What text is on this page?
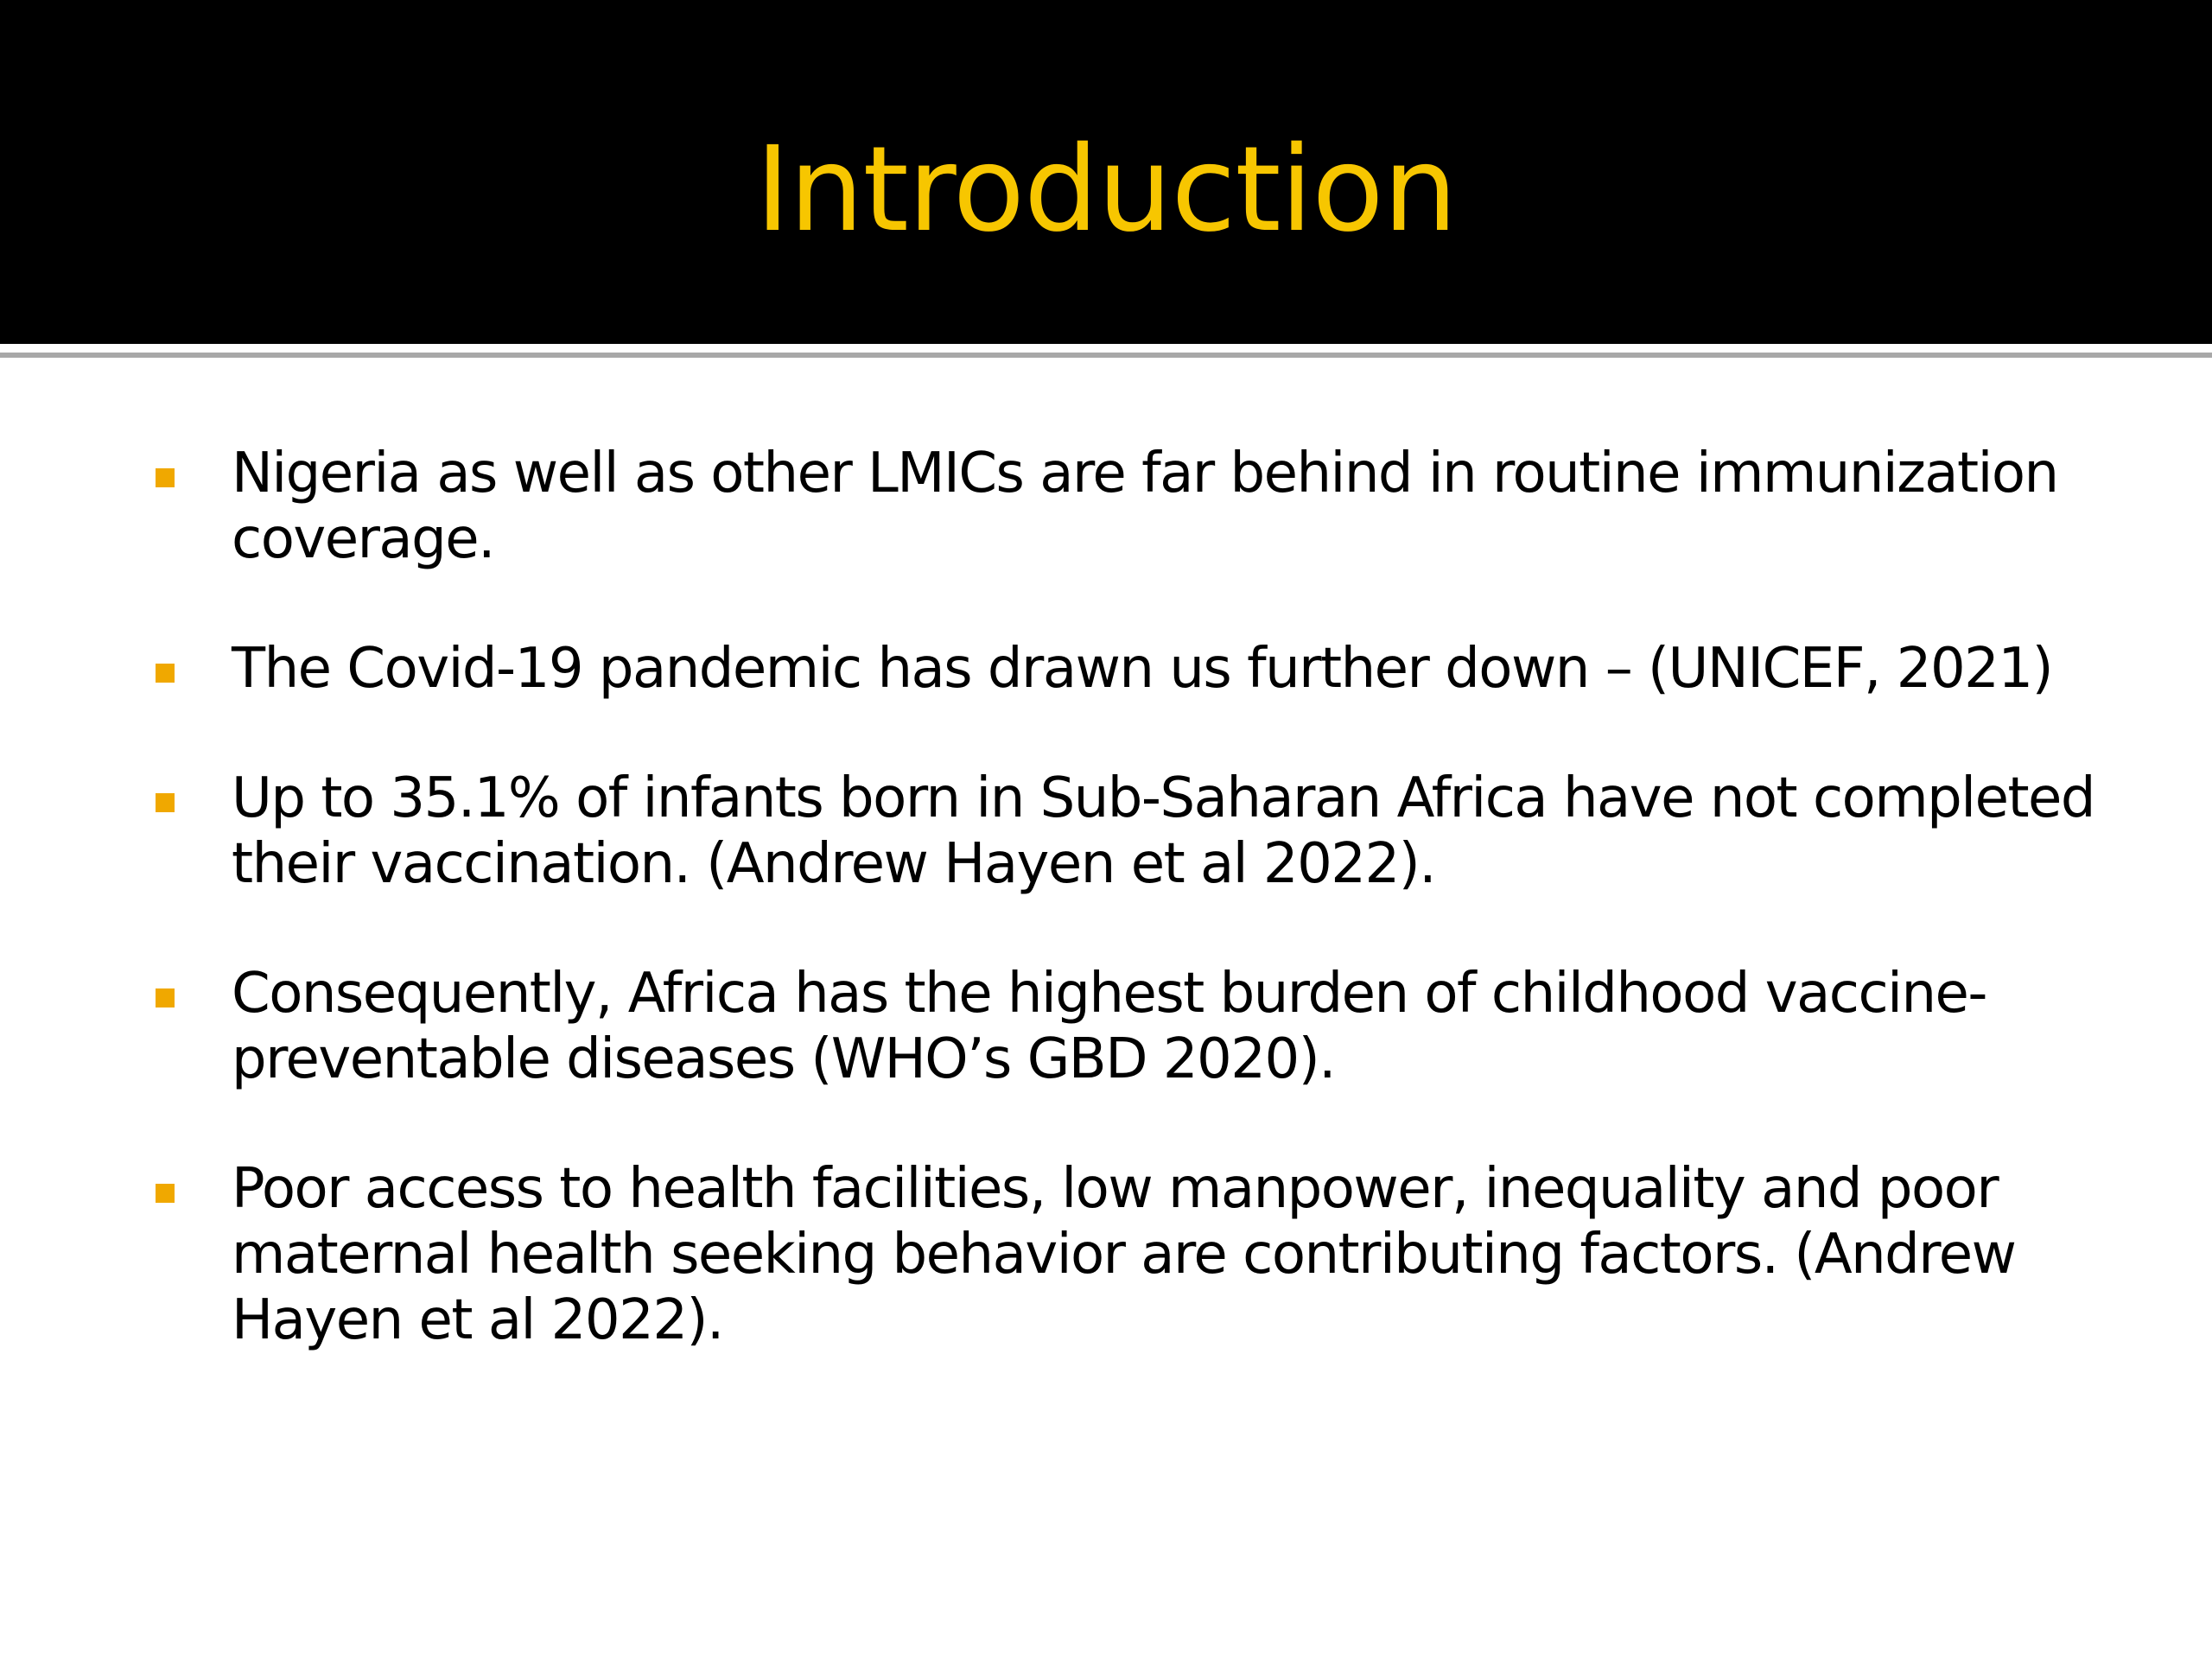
Introduction
Nigeria as well as other LMICs are far behind in routine immunization coverage.
The Covid-19 pandemic has drawn us further down – (UNICEF, 2021)
Up to 35.1% of infants born in Sub-Saharan Africa have not completed their vaccination. (Andrew Hayen et al 2022).
Consequently, Africa has the highest burden of childhood vaccine-preventable diseases (WHO’s GBD 2020).
Poor access to health facilities, low manpower, inequality and poor maternal health seeking behavior are contributing factors. (Andrew Hayen et al 2022).
